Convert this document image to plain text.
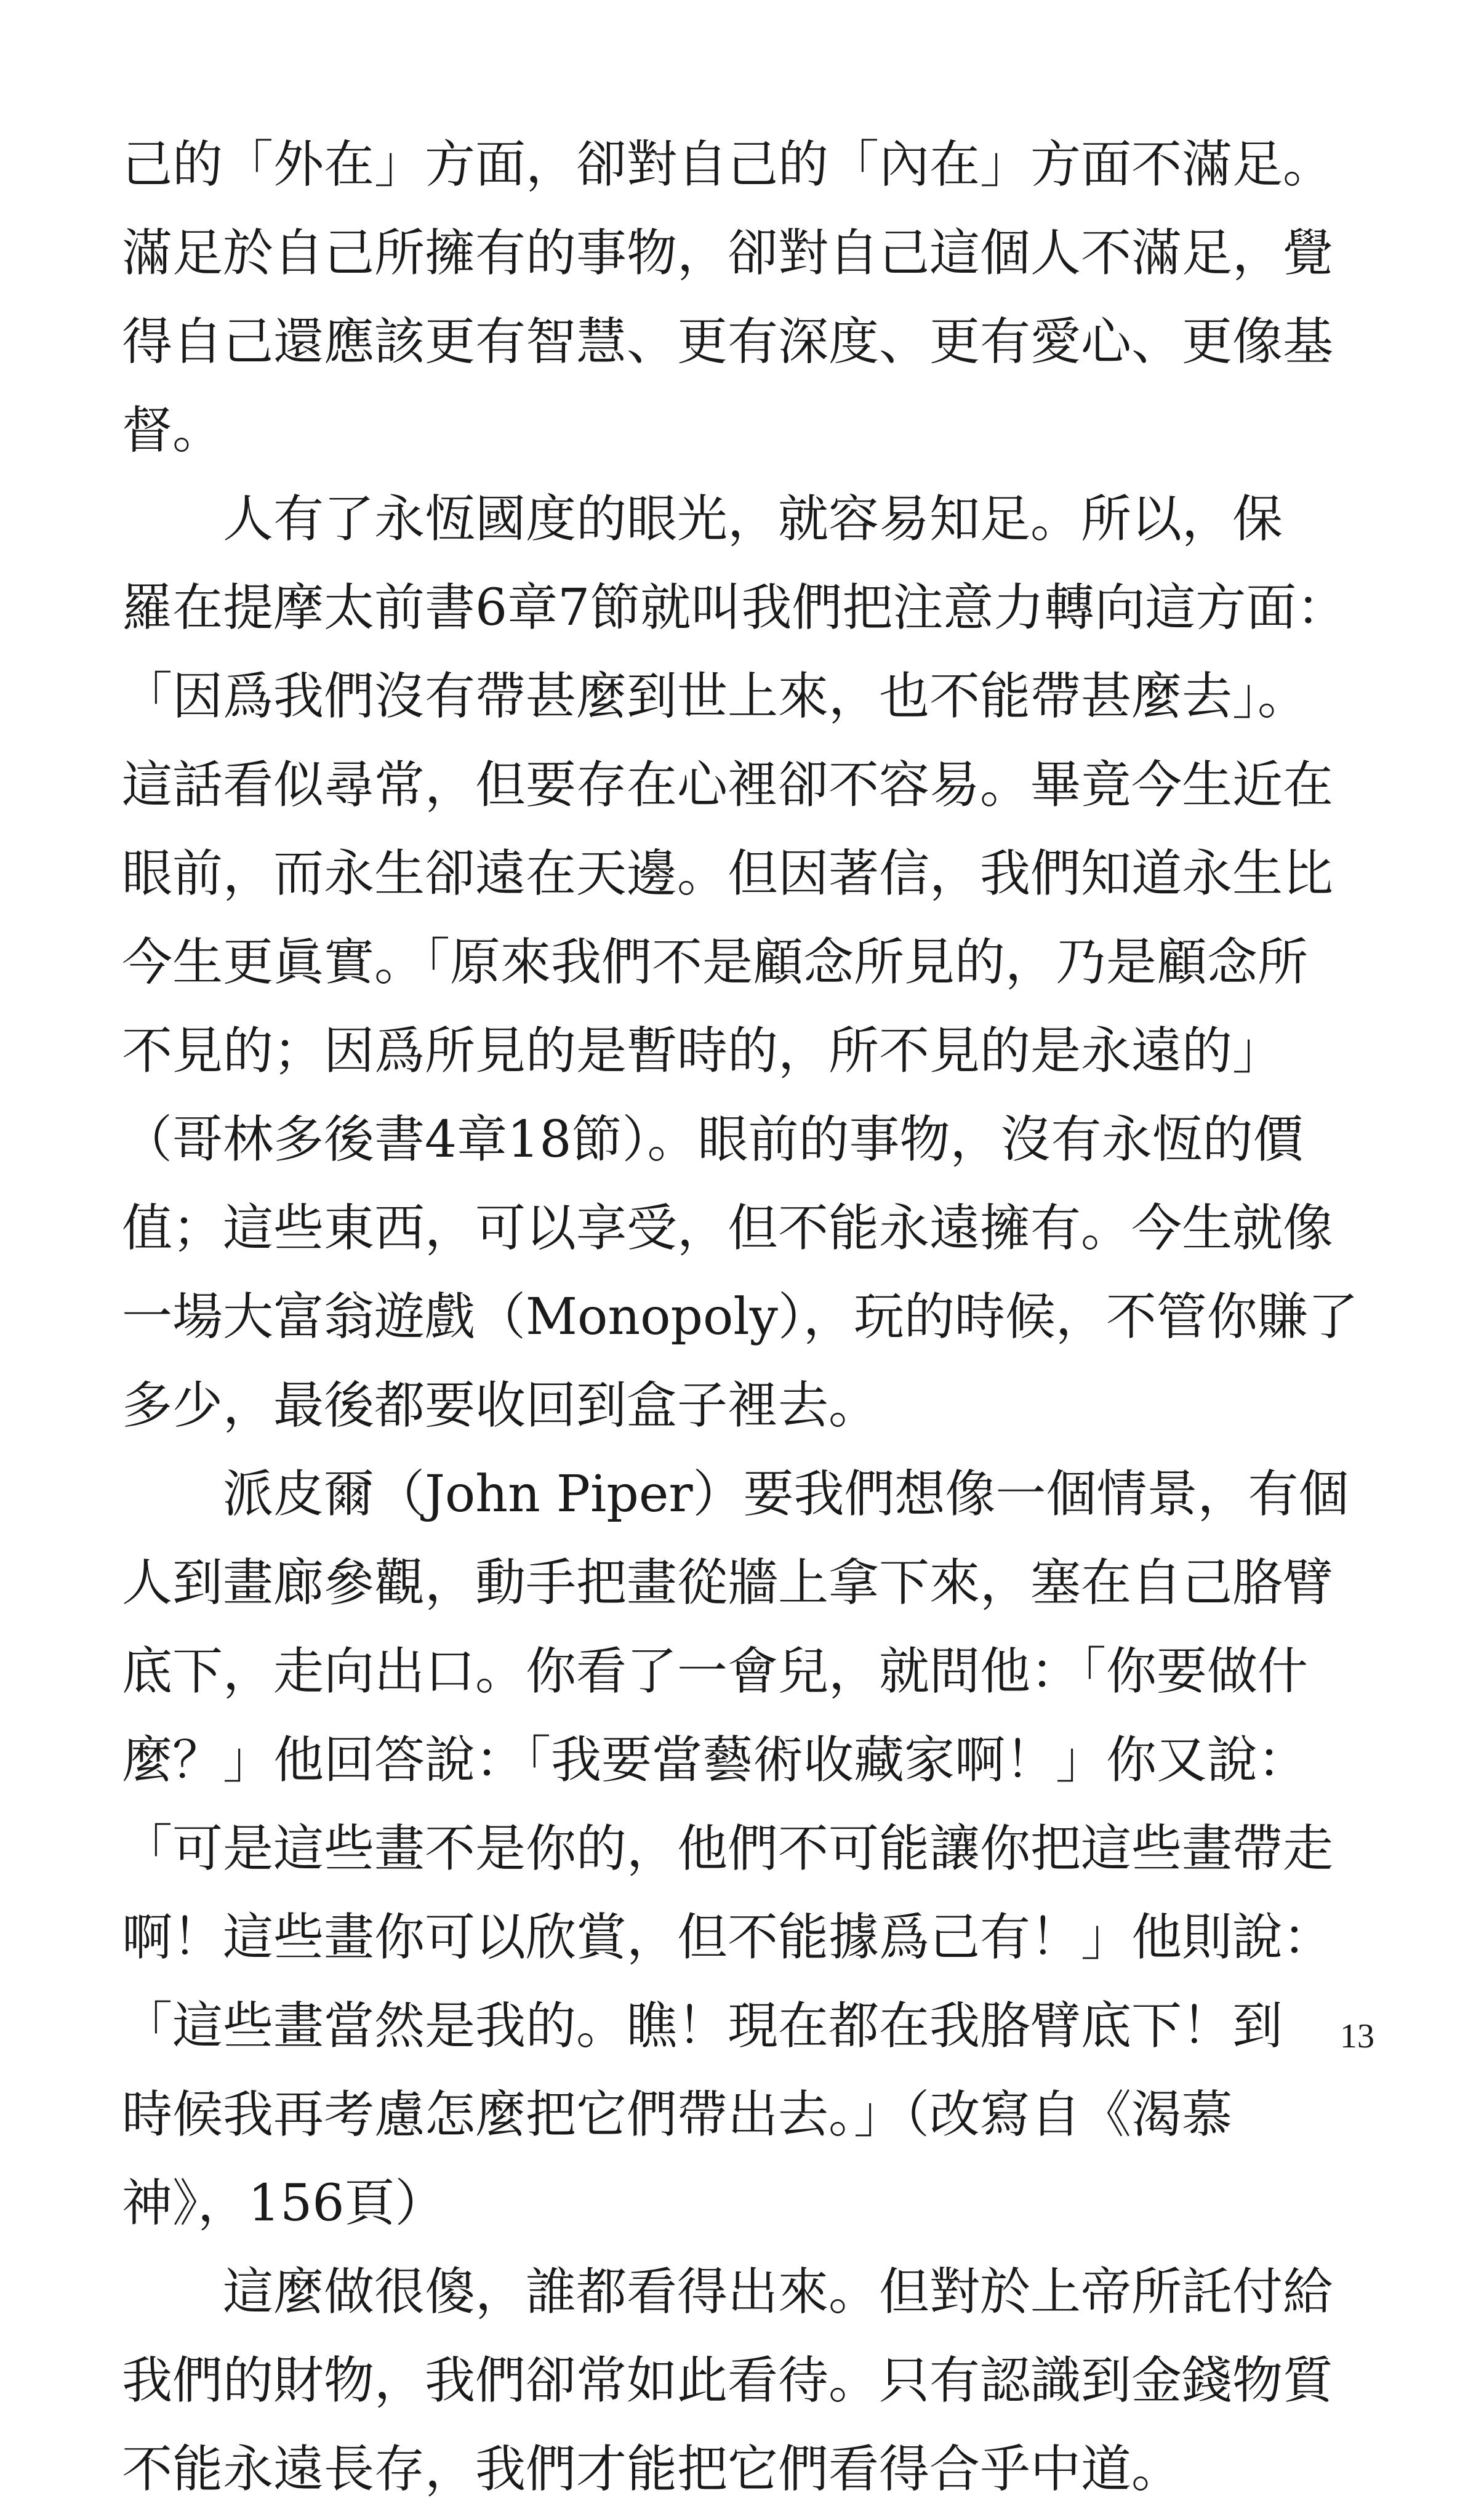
己的「外在」方面，卻對自己的「內在」方面不滿足。
滿足於自己所擁有的事物，卻對自己這個人不滿足，覺
得自己還應該更有智慧、更有深度、更有愛心、更像基
督。
　　人有了永恆國度的眼光，就容易知足。所以，保
羅在提摩太前書6章7節就叫我們把注意力轉向這方面：
「因爲我們沒有帶甚麼到世上來，也不能帶甚麼去」。
這話看似尋常，但要存在心裡卻不容易。畢竟今生近在
眼前，而永生卻遠在天邊。但因著信，我們知道永生比
今生更眞實。「原來我們不是顧念所見的，乃是顧念所
不見的；因爲所見的是暫時的，所不見的是永遠的」
（哥林多後書4章18節）。眼前的事物，沒有永恆的價
值；這些東西，可以享受，但不能永遠擁有。今生就像
一場大富翁遊戲（Monopoly），玩的時候，不管你賺了
多少，最後都要收回到盒子裡去。
　　派皮爾（John Piper）要我們想像一個情景，有個
人到畫廊參觀，動手把畫從牆上拿下來，塞在自己胳臂
底下，走向出口。你看了一會兒，就問他：「你要做什
麼？」他回答說：「我要當藝術收藏家啊！」你又說：
「可是這些畫不是你的，他們不可能讓你把這些畫帶走
啊！這些畫你可以欣賞，但不能據爲己有！」他則說：
「這些畫當然是我的。瞧！現在都在我胳臂底下！到
時候我再考慮怎麼把它們帶出去。」（改寫自《渴慕
神》，156頁）
　　這麼做很傻，誰都看得出來。但對於上帝所託付給
我們的財物，我們卻常如此看待。只有認識到金錢物質
不能永遠長存，我們才能把它們看得合乎中道。
13
